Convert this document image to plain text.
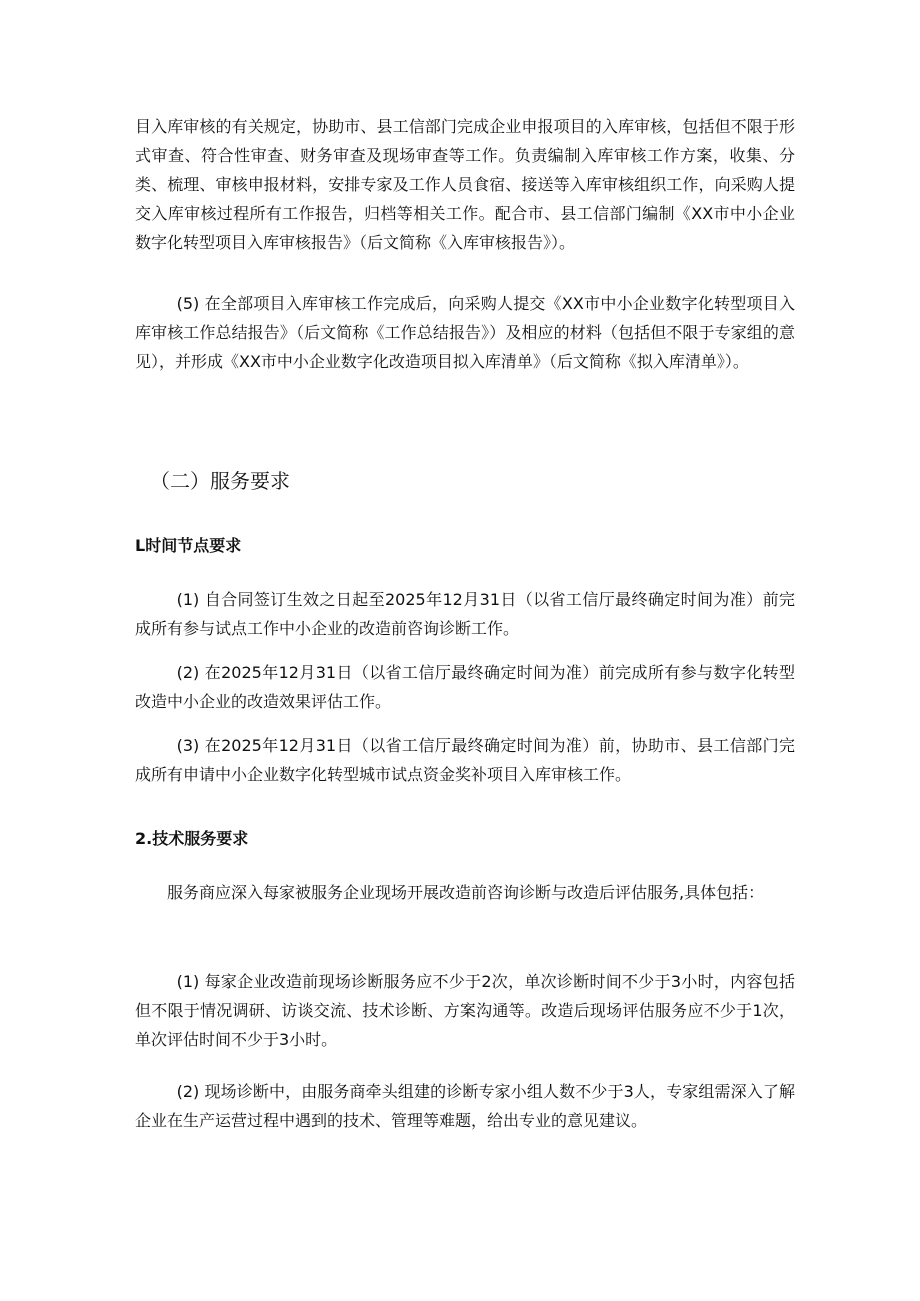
目入库审核的有关规定，协助市、县工信部门完成企业申报项目的入库审核，包括但不限于形式审查、符合性审查、财务审查及现场审查等工作。负责编制入库审核工作方案，收集、分类、梳理、审核申报材料，安排专家及工作人员食宿、接送等入库审核组织工作，向采购人提交入库审核过程所有工作报告，归档等相关工作。配合市、县工信部门编制《XX市中小企业数字化转型项目入库审核报告》（后文简称《入库审核报告》）。

(5) 在全部项目入库审核工作完成后，向采购人提交《XX市中小企业数字化转型项目入库审核工作总结报告》（后文简称《工作总结报告》）及相应的材料（包括但不限于专家组的意见），并形成《XX市中小企业数字化改造项目拟入库清单》（后文简称《拟入库清单》）。

（二）服务要求
L时间节点要求

(1) 自合同签订生效之日起至2025年12月31日（以省工信厅最终确定时间为准）前完成所有参与试点工作中小企业的改造前咨询诊断工作。

(2) 在2025年12月31日（以省工信厅最终确定时间为准）前完成所有参与数字化转型改造中小企业的改造效果评估工作。

(3) 在2025年12月31日（以省工信厅最终确定时间为准）前，协助市、县工信部门完成所有申请中小企业数字化转型城市试点资金奖补项目入库审核工作。

2.技术服务要求

服务商应深入每家被服务企业现场开展改造前咨询诊断与改造后评估服务,具体包括：

(1) 每家企业改造前现场诊断服务应不少于2次，单次诊断时间不少于3小时，内容包括但不限于情况调研、访谈交流、技术诊断、方案沟通等。改造后现场评估服务应不少于1次，单次评估时间不少于3小时。

(2) 现场诊断中，由服务商牵头组建的诊断专家小组人数不少于3人，专家组需深入了解企业在生产运营过程中遇到的技术、管理等难题，给出专业的意见建议。
